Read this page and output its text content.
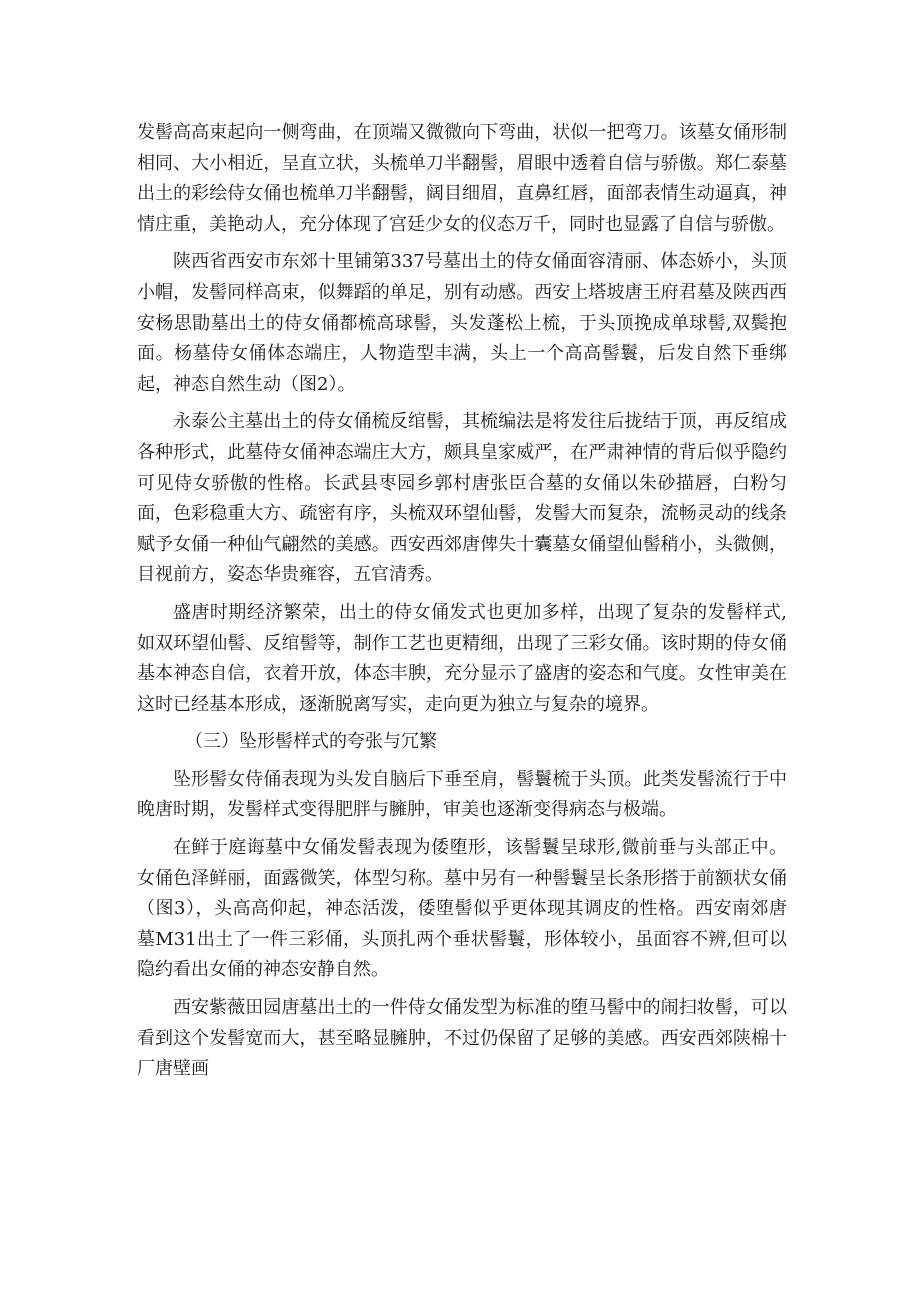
发髻高高束起向一侧弯曲，在顶端又微微向下弯曲，状似一把弯刀。该墓女俑形制相同、大小相近，呈直立状，头梳单刀半翻髻，眉眼中透着自信与骄傲。郑仁泰墓出土的彩绘侍女俑也梳单刀半翻髻，阔目细眉，直鼻红唇，面部表情生动逼真，神情庄重，美艳动人，充分体现了宫廷少女的仪态万千，同时也显露了自信与骄傲。

陕西省西安市东郊十里铺第337号墓出土的侍女俑面容清丽、体态娇小，头顶小帽，发髻同样高束，似舞蹈的单足，别有动感。西安上塔坡唐王府君墓及陕西西安杨思勖墓出土的侍女俑都梳高球髻，头发蓬松上梳，于头顶挽成单球髻,双鬓抱面。杨墓侍女俑体态端庄，人物造型丰满，头上一个高高髻鬟，后发自然下垂绑起，神态自然生动（图2）。

永泰公主墓出土的侍女俑梳反绾髻，其梳编法是将发往后拢结于顶，再反绾成各种形式，此墓侍女俑神态端庄大方，颇具皇家威严，在严肃神情的背后似乎隐约可见侍女骄傲的性格。长武县枣园乡郭村唐张臣合墓的女俑以朱砂描唇，白粉匀面，色彩稳重大方、疏密有序，头梳双环望仙髻，发髻大而复杂，流畅灵动的线条赋予女俑一种仙气翩然的美感。西安西郊唐俾失十囊墓女俑望仙髻稍小，头微侧，目视前方，姿态华贵雍容，五官清秀。

盛唐时期经济繁荣，出土的侍女俑发式也更加多样，出现了复杂的发髻样式,如双环望仙髻、反绾髻等，制作工艺也更精细，出现了三彩女俑。该时期的侍女俑基本神态自信，衣着开放，体态丰腴，充分显示了盛唐的姿态和气度。女性审美在这时已经基本形成，逐渐脱离写实，走向更为独立与复杂的境界。

（三）坠形髻样式的夸张与冗繁

坠形髻女侍俑表现为头发自脑后下垂至肩，髻鬟梳于头顶。此类发髻流行于中晚唐时期，发髻样式变得肥胖与臃肿，审美也逐渐变得病态与极端。

在鲜于庭诲墓中女俑发髻表现为倭堕形，该髻鬟呈球形,微前垂与头部正中。女俑色泽鲜丽，面露微笑，体型匀称。墓中另有一种髻鬟呈长条形搭于前额状女俑（图3），头高高仰起，神态活泼，倭堕髻似乎更体现其调皮的性格。西安南郊唐墓M31出土了一件三彩俑，头顶扎两个垂状髻鬟，形体较小，虽面容不辨,但可以隐约看出女俑的神态安静自然。

西安紫薇田园唐墓出土的一件侍女俑发型为标准的堕马髻中的闹扫妆髻，可以看到这个发髻宽而大，甚至略显臃肿，不过仍保留了足够的美感。西安西郊陕棉十厂唐壁画
